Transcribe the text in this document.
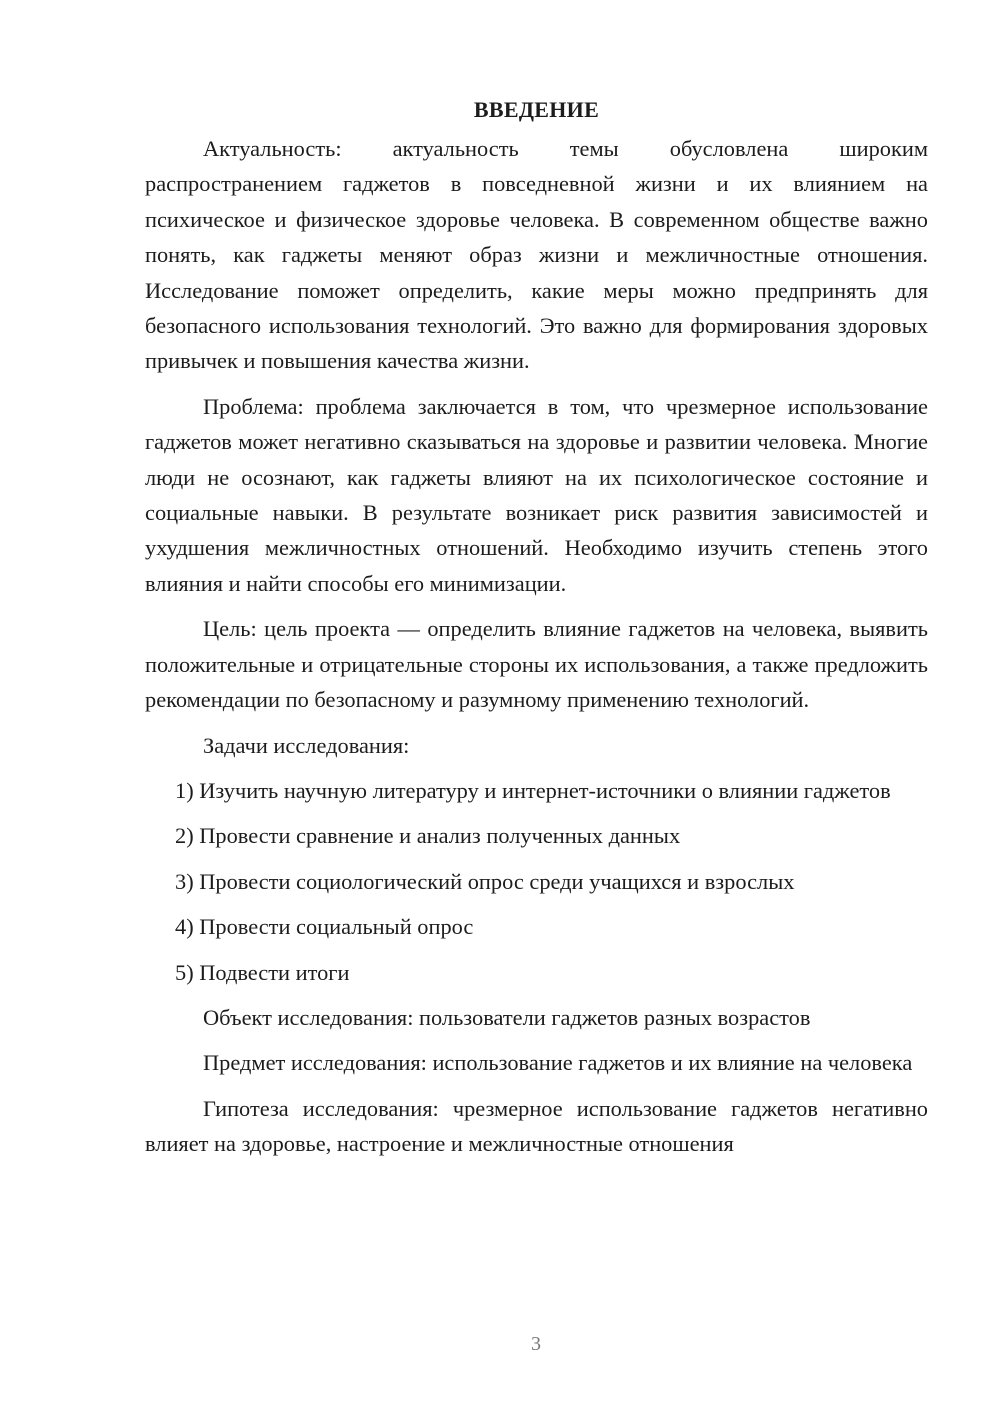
ВВЕДЕНИЕ

Актуальность: актуальность темы обусловлена широким распространением гаджетов в повседневной жизни и их влиянием на психическое и физическое здоровье человека. В современном обществе важно понять, как гаджеты меняют образ жизни и межличностные отношения. Исследование поможет определить, какие меры можно предпринять для безопасного использования технологий. Это важно для формирования здоровых привычек и повышения качества жизни.

Проблема: проблема заключается в том, что чрезмерное использование гаджетов может негативно сказываться на здоровье и развитии человека. Многие люди не осознают, как гаджеты влияют на их психологическое состояние и социальные навыки. В результате возникает риск развития зависимостей и ухудшения межличностных отношений. Необходимо изучить степень этого влияния и найти способы его минимизации.

Цель: цель проекта — определить влияние гаджетов на человека, выявить положительные и отрицательные стороны их использования, а также предложить рекомендации по безопасному и разумному применению технологий.

Задачи исследования:

1) Изучить научную литературу и интернет-источники о влиянии гаджетов

2) Провести сравнение и анализ полученных данных

3) Провести социологический опрос среди учащихся и взрослых

4) Провести социальный опрос

5) Подвести итоги

Объект исследования: пользователи гаджетов разных возрастов

Предмет исследования: использование гаджетов и их влияние на человека

Гипотеза исследования: чрезмерное использование гаджетов негативно влияет на здоровье, настроение и межличностные отношения

3
